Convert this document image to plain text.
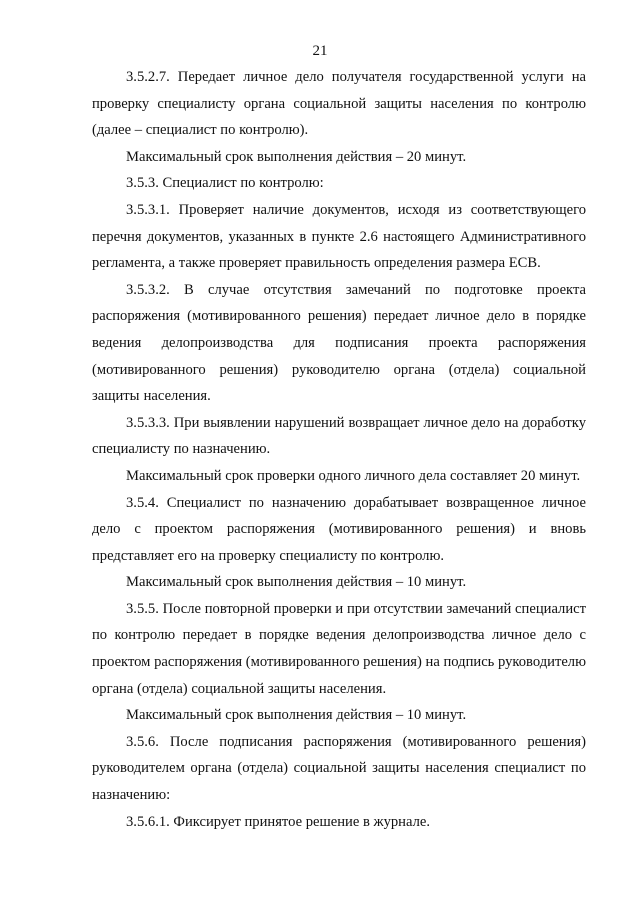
21

3.5.2.7. Передает личное дело получателя государственной услуги на проверку специалисту органа социальной защиты населения по контролю (далее – специалист по контролю).

Максимальный срок выполнения действия – 20 минут.

3.5.3. Специалист по контролю:

3.5.3.1. Проверяет наличие документов, исходя из соответствующего перечня документов, указанных в пункте 2.6 настоящего Административного регламента, а также проверяет правильность определения размера ЕСВ.

3.5.3.2. В случае отсутствия замечаний по подготовке проекта распоряжения (мотивированного решения) передает личное дело в порядке ведения делопроизводства для подписания проекта распоряжения (мотивированного решения) руководителю органа (отдела) социальной защиты населения.

3.5.3.3. При выявлении нарушений возвращает личное дело на доработку специалисту по назначению.

Максимальный срок проверки одного личного дела составляет 20 минут.

3.5.4. Специалист по назначению дорабатывает возвращенное личное дело с проектом распоряжения (мотивированного решения) и вновь представляет его на проверку специалисту по контролю.

Максимальный срок выполнения действия – 10 минут.

3.5.5. После повторной проверки и при отсутствии замечаний специалист по контролю передает в порядке ведения делопроизводства личное дело с проектом распоряжения (мотивированного решения) на подпись руководителю органа (отдела) социальной защиты населения.

Максимальный срок выполнения действия – 10 минут.

3.5.6. После подписания распоряжения (мотивированного решения) руководителем органа (отдела) социальной защиты населения специалист по назначению:

3.5.6.1. Фиксирует принятое решение в журнале.
